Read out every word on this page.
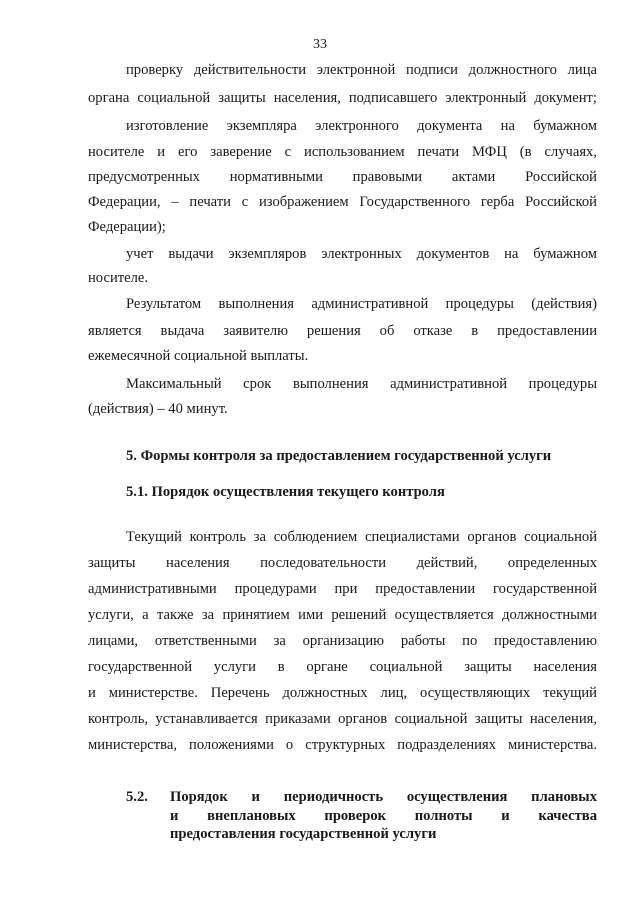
33
проверку действительности электронной подписи должностного лица
органа социальной защиты населения, подписавшего электронный документ;
изготовление экземпляра электронного документа на бумажном
носителе и его заверение с использованием печати МФЦ (в случаях,
предусмотренных нормативными правовыми актами Российской
Федерации, – печати с изображением Государственного герба Российской
Федерации);
учет выдачи экземпляров электронных документов на бумажном
носителе.
Результатом выполнения административной процедуры (действия)
является выдача заявителю решения об отказе в предоставлении
ежемесячной социальной выплаты.
Максимальный срок выполнения административной процедуры
(действия) – 40 минут.
5. Формы контроля за предоставлением государственной услуги
5.1. Порядок осуществления текущего контроля
Текущий контроль за соблюдением специалистами органов социальной
защиты населения последовательности действий, определенных
административными процедурами при предоставлении государственной
услуги, а также за принятием ими решений осуществляется должностными
лицами, ответственными за организацию работы по предоставлению
государственной услуги в органе социальной защиты населения
и министерстве. Перечень должностных лиц, осуществляющих текущий
контроль, устанавливается приказами органов социальной защиты населения,
министерства, положениями о структурных подразделениях министерства.
5.2. Порядок и периодичность осуществления плановых
и внеплановых проверок полноты и качества
предоставления государственной услуги
